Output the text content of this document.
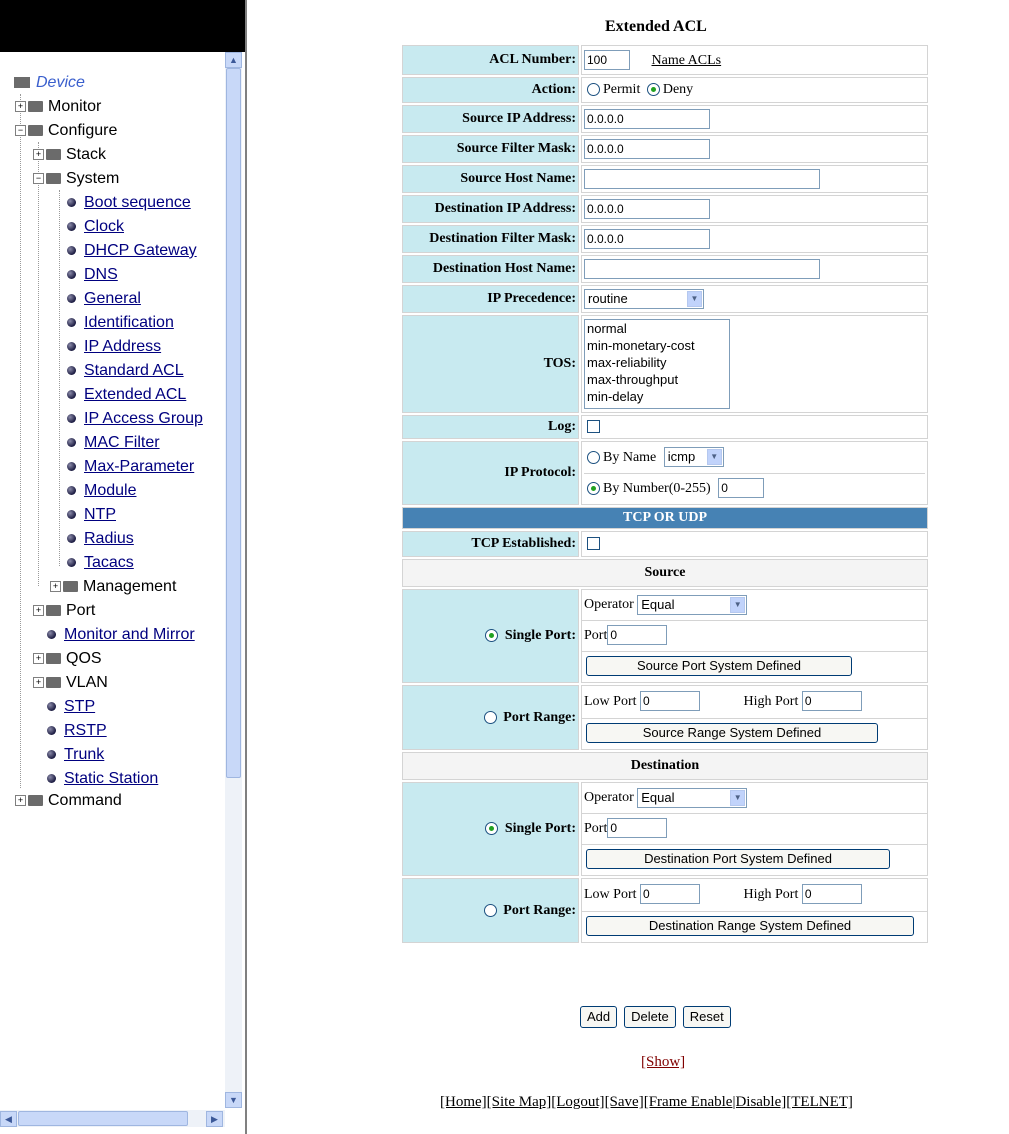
Device
+ Monitor
− Configure
+ Stack
− System
Boot sequence
Clock
DHCP Gateway
DNS
General
Identification
IP Address
Standard ACL
Extended ACL
IP Access Group
MAC Filter
Max-Parameter
Module
NTP
Radius
Tacacs
+ Management
+ Port
Monitor and Mirror
+ QOS
+ VLAN
STP
RSTP
Trunk
Static Station
+ Command
▲
▼
◀	▶
Extended ACL
ACL Number:	100Name ACLs
Action:	Permit Deny
Source IP Address:	0.0.0.0
Source Filter Mask:	0.0.0.0
Source Host Name:	
Destination IP Address:	0.0.0.0
Destination Filter Mask:	0.0.0.0
Destination Host Name:	
IP Precedence:	routine ▼

TOS:	normal
min-monetary-cost
max-reliability
max-throughput
min-delay

Log:	
IP Protocol:	By Name icmp ▼
By Number(0-255) 0

TCP OR UDP	
TCP Established:	
Source	
Single Port:	Operator Equal ▼
Port0
Source Port System Defined

Port Range:	Low Port 0 High Port 0
Source Range System Defined

Destination	
Single Port:	Operator Equal ▼
Port0
Destination Port System Defined

Port Range:	Low Port 0 High Port 0
Destination Range System Defined
Add Delete Reset
[Show]
[Home][Site Map][Logout][Save][Frame Enable|Disable][TELNET]
